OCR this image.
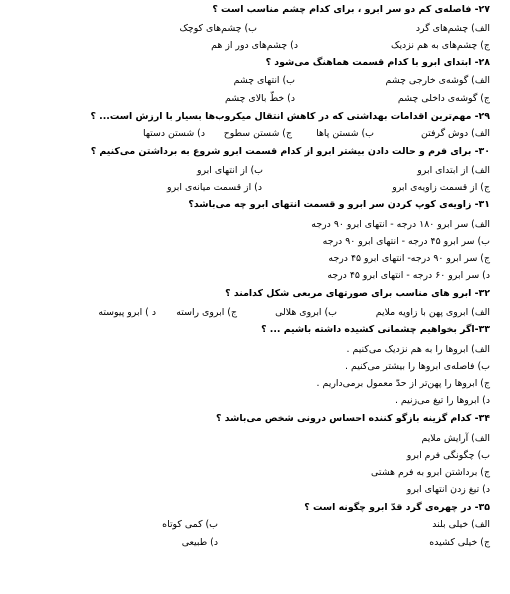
۲۷- فاصله‌ی کم دو سر ابرو ، برای کدام چشم مناسب است ؟
الف) چشم‌های گرد
ب) چشم‌های کوچک
ج) چشم‌های به هم نزدیک
د) چشم‌های دور از هم
۲۸- ابتدای ابرو با کدام قسمت هماهنگ می‌شود ؟
الف) گوشه‌ی خارجی چشم
ب) انتهای چشم
ج) گوشه‌ی داخلی چشم
د) خطّ بالای چشم
۲۹- مهم‌ترین اقدامات بهداشتی که در کاهش انتقال میکروب‌ها بسیار با ارزش است... ؟
الف) دوش گرفتن
ب) شستن پاها
ج) شستن سطوح
د) شستن دستها
۳۰- برای فرم و حالت دادن بیشتر ابرو از کدام قسمت ابرو شروع به برداشتن می‌کنیم ؟
الف) از ابتدای ابرو
ب) از انتهای ابرو
ج) از قسمت زاویه‌ی ابرو
د) از قسمت میانه‌ی ابرو
۳۱- زاویه‌ی کوپ کردن سر ابرو و قسمت انتهای ابرو چه می‌باشد؟
الف) سر ابرو ۱۸۰ درجه - انتهای ابرو ۹۰ درجه
ب) سر ابرو ۴۵ درجه - انتهای ابرو ۹۰ درجه
ج) سر ابرو ۹۰ درجه- انتهای ابرو ۴۵ درجه
د) سر ابرو ۶۰ درجه - انتهای ابرو ۴۵ درجه
۳۲- ابرو های مناسب برای صورتهای مربعی شکل کدامند ؟
الف) ابروی پهن با زاویه ملایم
ب) ابروی هلالی
ج) ابروی راسته
د ) ابرو پیوسته
۳۳-اگر بخواهیم چشمانی کشیده داشته باشیم ... ؟
الف) ابروها را به هم نزدیک می‌کنیم .
ب) فاصله‌ی ابروها را بیشتر می‌کنیم .
ج) ابروها را پهن‌تر از حدّ معمول برمی‌داریم .
د) ابروها را تیغ می‌زنیم .
۳۴- کدام گزینه بازگو کننده احساس درونی شخص می‌باشد ؟
الف) آرایش ملایم
ب) چگونگی فرم ابرو
ج) برداشتن ابرو به فرم هشتی
د) تیغ زدن انتهای ابرو
۳۵- در چهره‌ی گرد قدّ ابرو چگونه است ؟
الف) خیلی بلند
ب) کمی کوتاه
ج) خیلی کشیده
د) طبیعی
